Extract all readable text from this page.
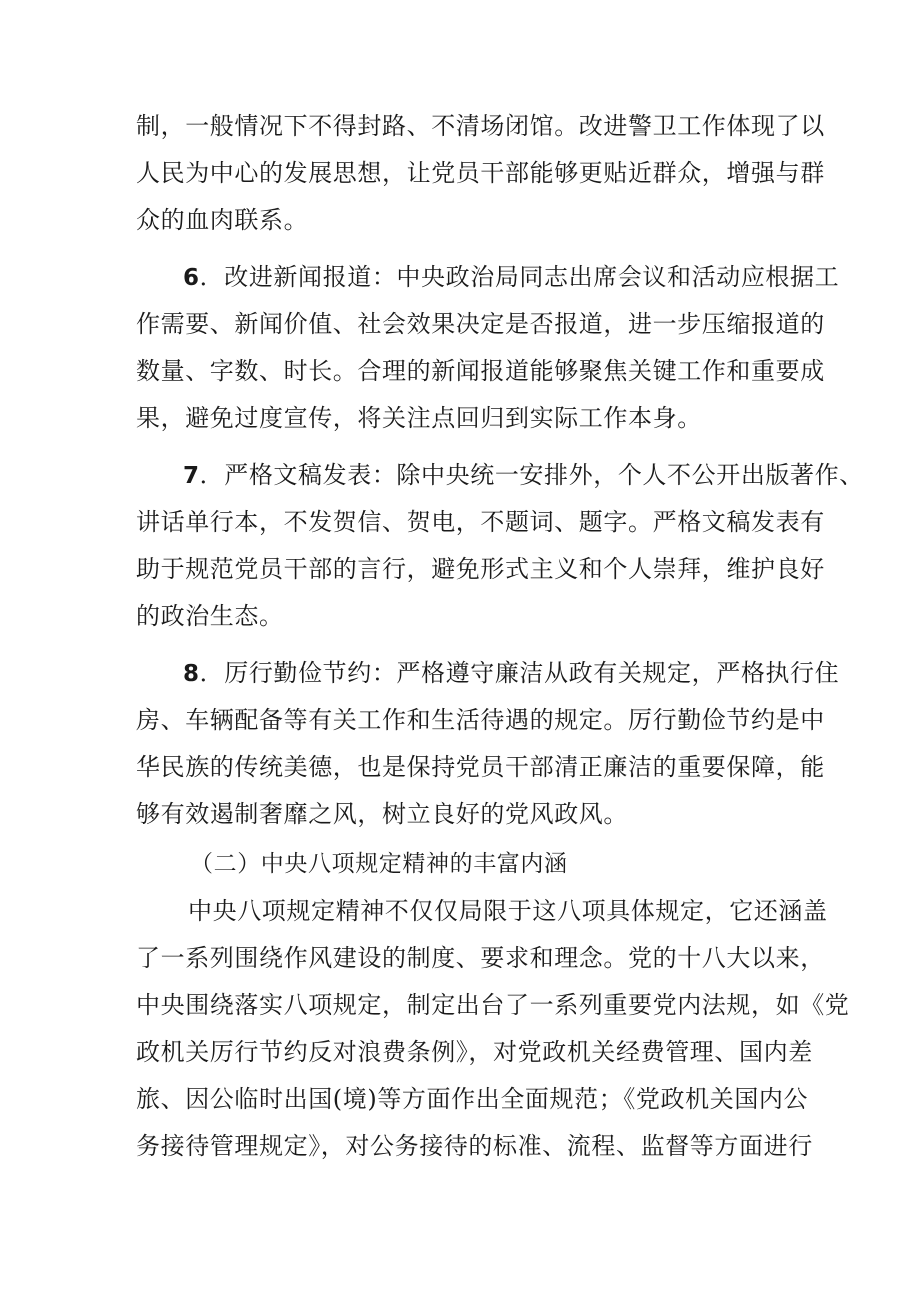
制，一般情况下不得封路、不清场闭馆。改进警卫工作体现了以
人民为中心的发展思想，让党员干部能够更贴近群众，增强与群
众的血肉联系。
6．改进新闻报道：中央政治局同志出席会议和活动应根据工
作需要、新闻价值、社会效果决定是否报道，进一步压缩报道的
数量、字数、时长。合理的新闻报道能够聚焦关键工作和重要成
果，避免过度宣传，将关注点回归到实际工作本身。
7．严格文稿发表：除中央统一安排外，个人不公开出版著作、
讲话单行本，不发贺信、贺电，不题词、题字。严格文稿发表有
助于规范党员干部的言行，避免形式主义和个人崇拜，维护良好
的政治生态。
8．厉行勤俭节约：严格遵守廉洁从政有关规定，严格执行住
房、车辆配备等有关工作和生活待遇的规定。厉行勤俭节约是中
华民族的传统美德，也是保持党员干部清正廉洁的重要保障，能
够有效遏制奢靡之风，树立良好的党风政风。
（二）中央八项规定精神的丰富内涵
中央八项规定精神不仅仅局限于这八项具体规定，它还涵盖
了一系列围绕作风建设的制度、要求和理念。党的十八大以来，
中央围绕落实八项规定，制定出台了一系列重要党内法规，如《党
政机关厉行节约反对浪费条例》，对党政机关经费管理、国内差
旅、因公临时出国(境)等方面作出全面规范；《党政机关国内公
务接待管理规定》，对公务接待的标准、流程、监督等方面进行
